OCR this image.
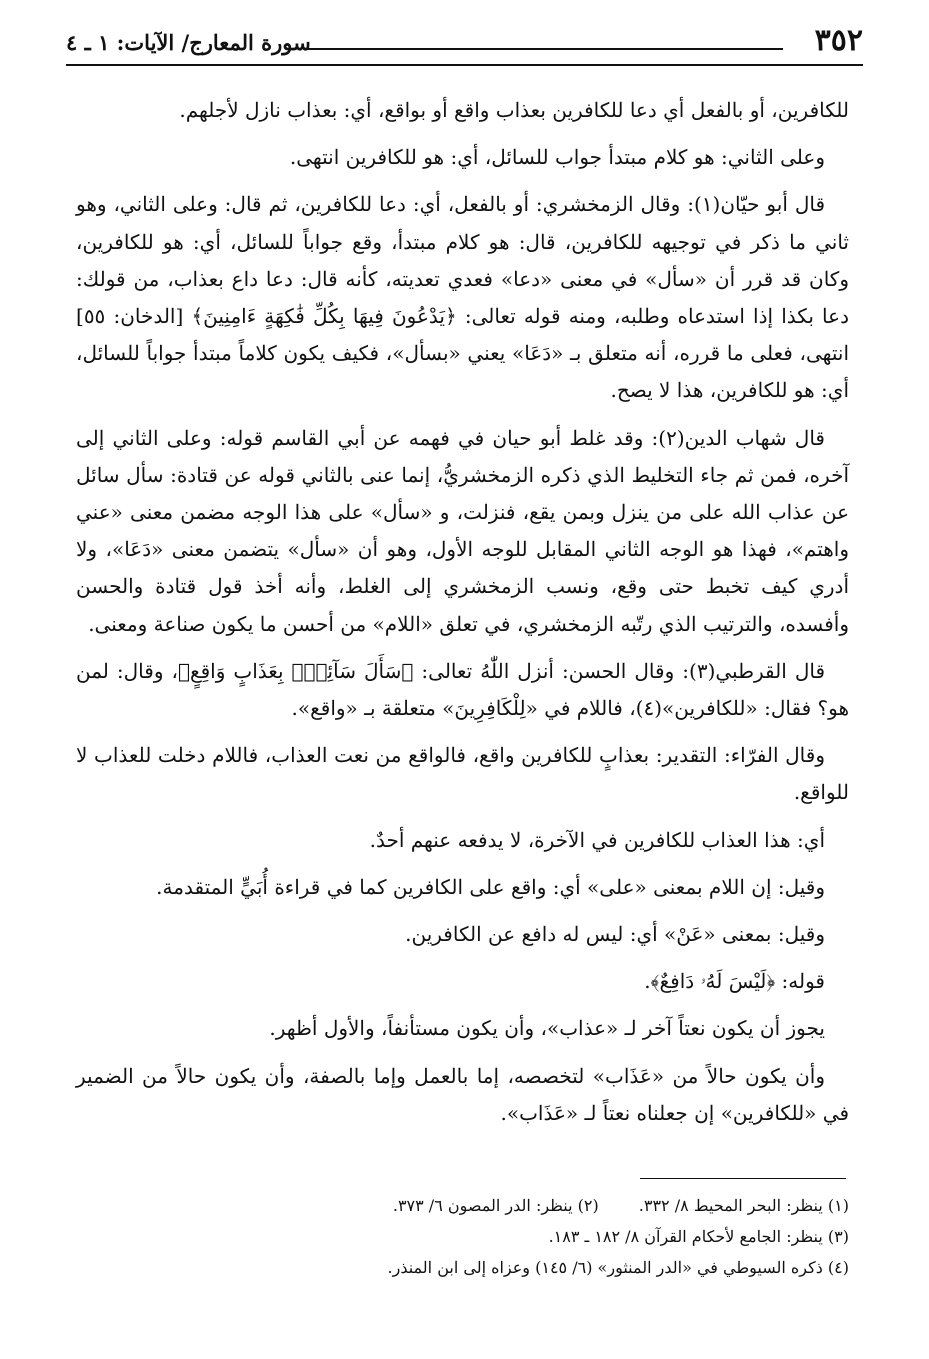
٣٥٢
سورة المعارج/ الآيات: ١ ـ ٤

للكافرين، أو بالفعل أي دعا للكافرين بعذاب واقع أو بواقع، أي: بعذاب نازل لأجلهم.

وعلى الثاني: هو كلام مبتدأ جواب للسائل، أي: هو للكافرين انتهى.

قال أبو حيّان(١): وقال الزمخشري: أو بالفعل، أي: دعا للكافرين، ثم قال: وعلى الثاني، وهو ثاني ما ذكر في توجيهه للكافرين، قال: هو كلام مبتدأ، وقع جواباً للسائل، أي: هو للكافرين، وكان قد قرر أن «سأل» في معنى «دعا» فعدي تعديته، كأنه قال: دعا داع بعذاب، من قولك: دعا بكذا إذا استدعاه وطلبه، ومنه قوله تعالى: ﴿يَدْعُونَ فِيهَا بِكُلِّ فَٰكِهَةٍ ءَامِنِينَ﴾ [الدخان: ٥٥] انتهى، فعلى ما قرره، أنه متعلق بـ «دَعَا» يعني «بسأل»، فكيف يكون كلاماً مبتدأ جواباً للسائل، أي: هو للكافرين، هذا لا يصح.

قال شهاب الدين(٢): وقد غلط أبو حيان في فهمه عن أبي القاسم قوله: وعلى الثاني إلى آخره، فمن ثم جاء التخليط الذي ذكره الزمخشريُّ، إنما عنى بالثاني قوله عن قتادة: سأل سائل عن عذاب الله على من ينزل وبمن يقع، فنزلت، و «سأل» على هذا الوجه مضمن معنى «عني واهتم»، فهذا هو الوجه الثاني المقابل للوجه الأول، وهو أن «سأل» يتضمن معنى «دَعَا»، ولا أدري كيف تخبط حتى وقع، ونسب الزمخشري إلى الغلط، وأنه أخذ قول قتادة والحسن وأفسده، والترتيب الذي رتّبه الزمخشري، في تعلق «اللام» من أحسن ما يكون صناعة ومعنى.

قال القرطبي(٣): وقال الحسن: أنزل اللّٰهُ تعالى: ﴿سَأَلَ سَآئِلُۢ بِعَذَابٍ وَاقِعٍ﴾، وقال: لمن هو؟ فقال: «للكافرين»(٤)، فاللام في «لِلْكَافِرِينَ» متعلقة بـ «واقع».

وقال الفرّاء: التقدير: بعذابٍ للكافرين واقع، فالواقع من نعت العذاب، فاللام دخلت للعذاب لا للواقع.

أي: هذا العذاب للكافرين في الآخرة، لا يدفعه عنهم أحدٌ.

وقيل: إن اللام بمعنى «على» أي: واقع على الكافرين كما في قراءة أُبَيٍّ المتقدمة.

وقيل: بمعنى «عَنْ» أي: ليس له دافع عن الكافرين.

قوله: ﴿لَيْسَ لَهُۥ دَافِعٌ﴾.

يجوز أن يكون نعتاً آخر لـ «عذاب»، وأن يكون مستأنفاً، والأول أظهر.

وأن يكون حالاً من «عَذَاب» لتخصصه، إما بالعمل وإما بالصفة، وأن يكون حالاً من الضمير في «للكافرين» إن جعلناه نعتاً لـ «عَذَاب».

(١) ينظر: البحر المحيط ٨/ ٣٣٢.
(٢) ينظر: الدر المصون ٦/ ٣٧٣.
(٣) ينظر: الجامع لأحكام القرآن ٨/ ١٨٢ ـ ١٨٣.
(٤) ذكره السيوطي في «الدر المنثور» (٦/ ١٤٥) وعزاه إلى ابن المنذر.
